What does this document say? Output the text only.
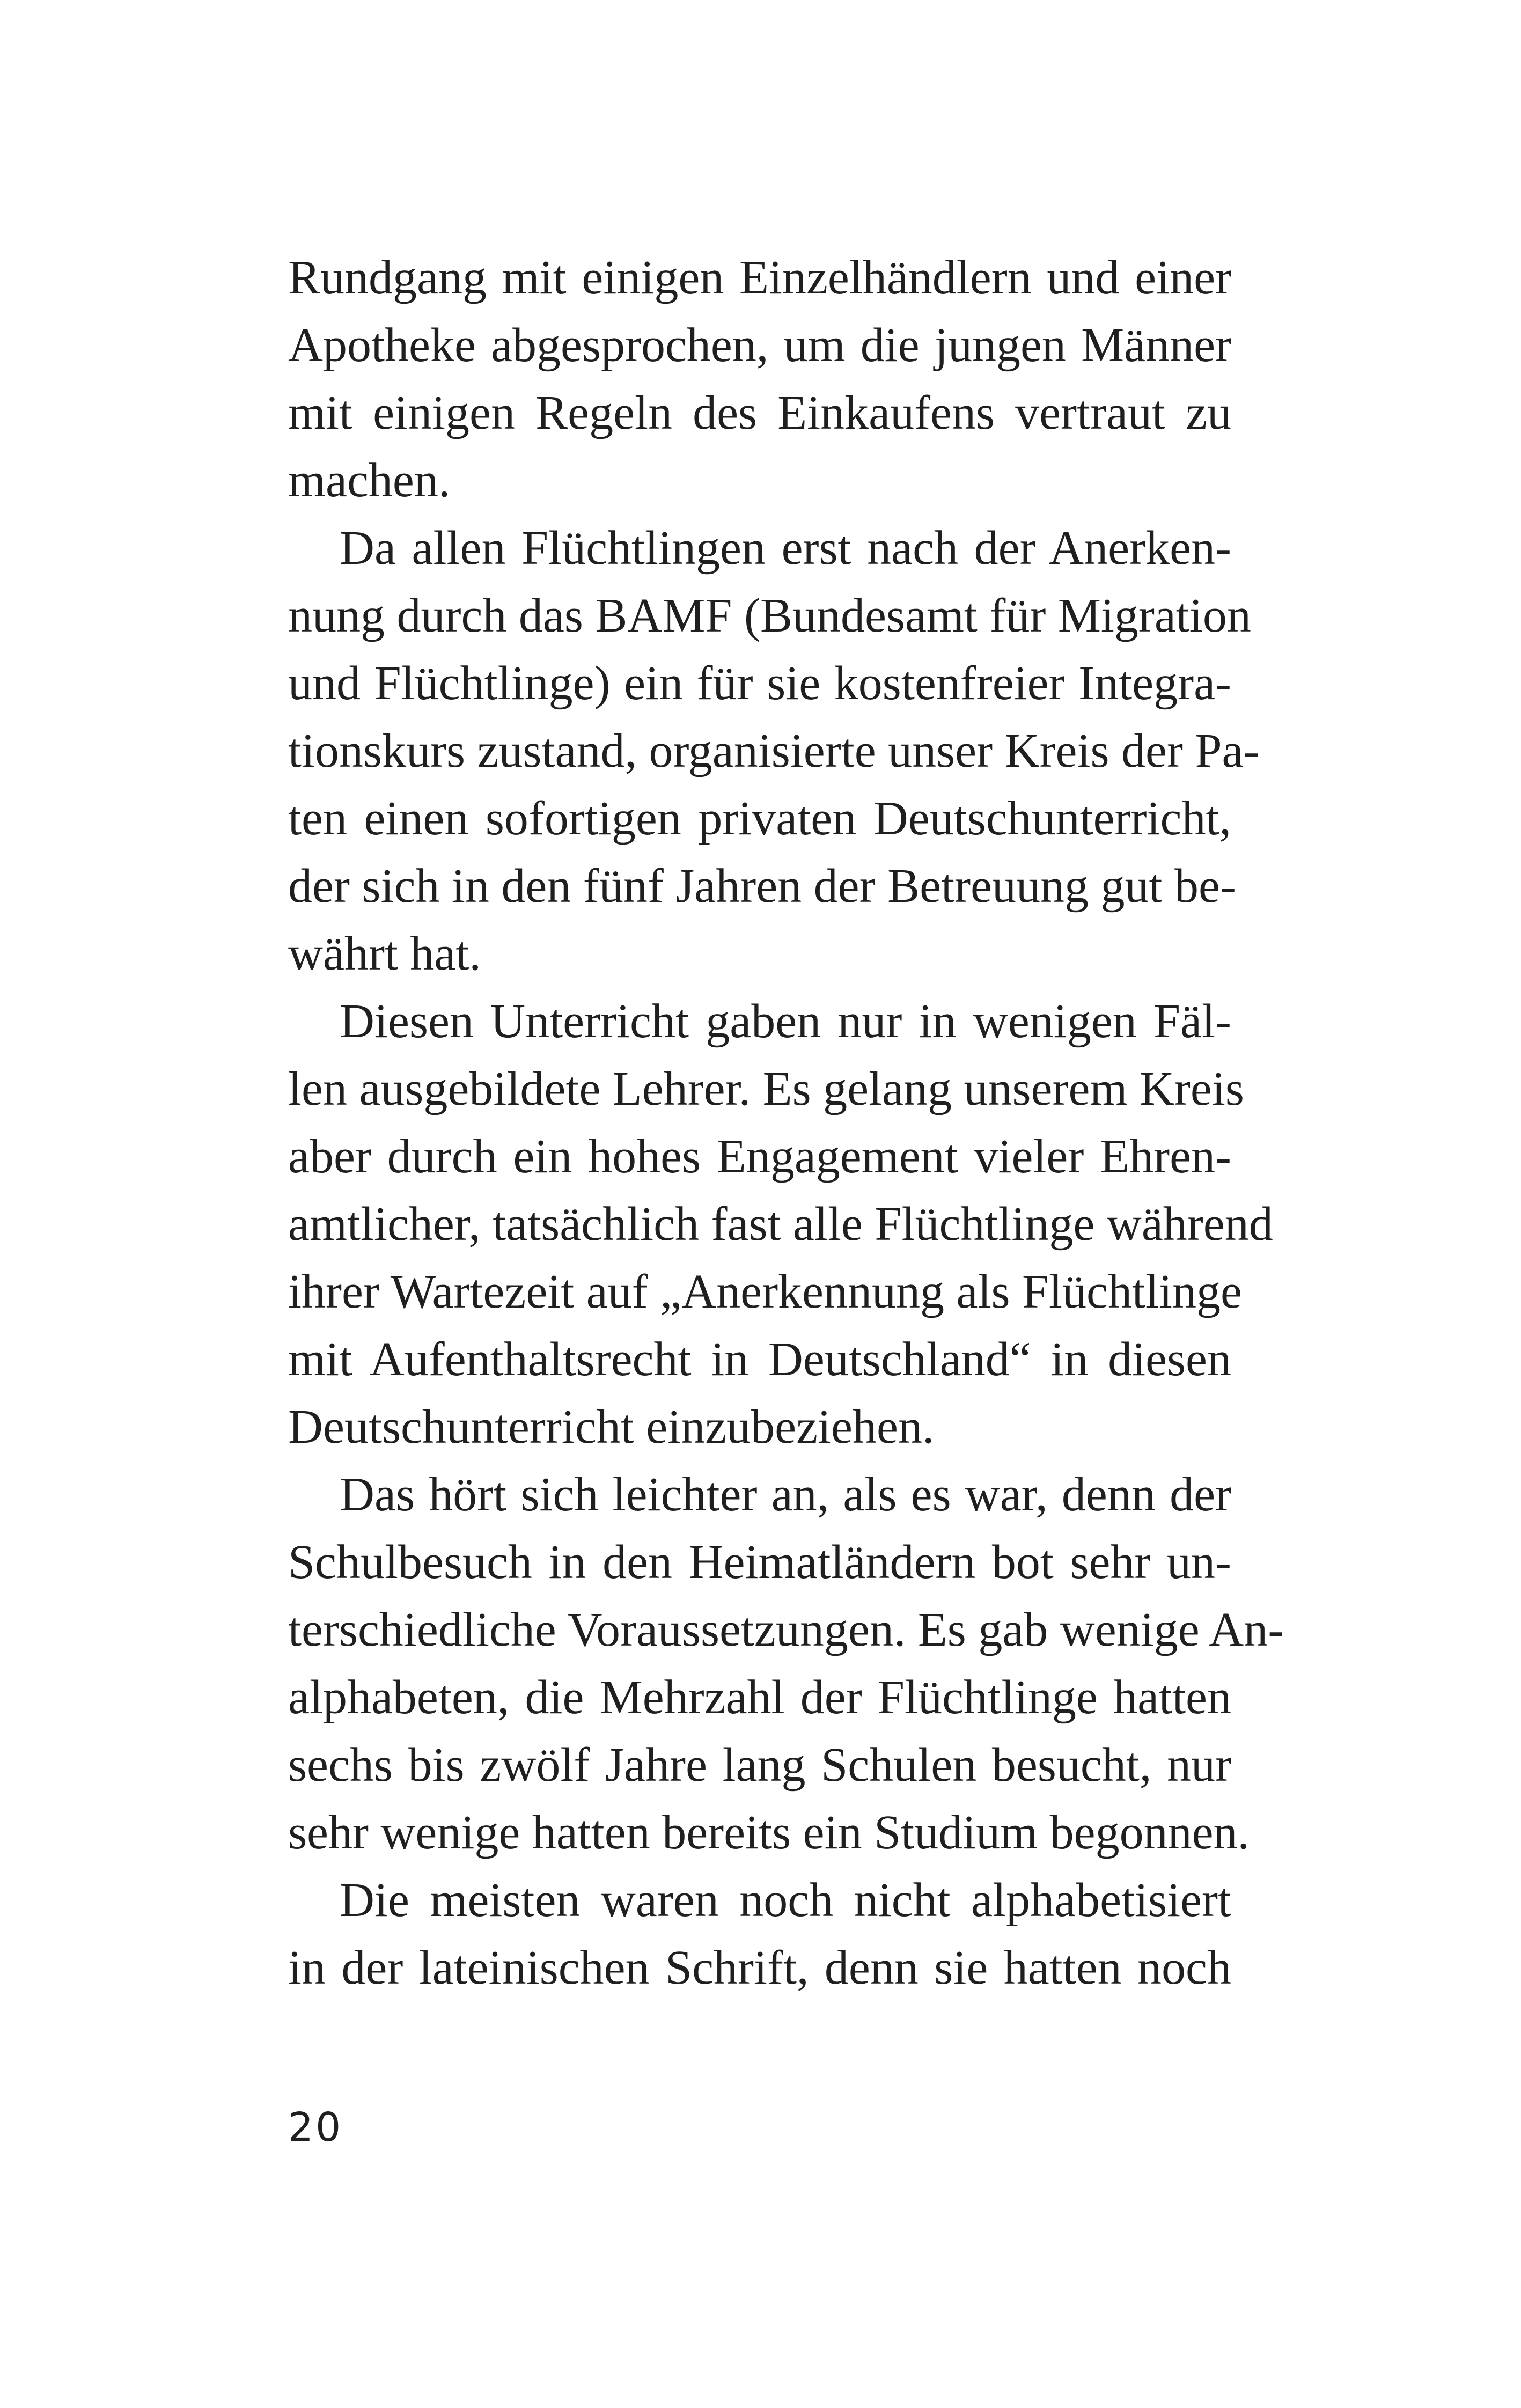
Rundgang mit einigen Einzelhändlern und einer
Apotheke abgesprochen, um die jungen Männer
mit einigen Regeln des Einkaufens vertraut zu
machen.
Da allen Flüchtlingen erst nach der Anerken-
nung durch das BAMF (Bundesamt für Migration
und Flüchtlinge) ein für sie kostenfreier Integra-
tionskurs zustand, organisierte unser Kreis der Pa-
ten einen sofortigen privaten Deutschunterricht,
der sich in den fünf Jahren der Betreuung gut be-
währt hat.
Diesen Unterricht gaben nur in wenigen Fäl-
len ausgebildete Lehrer. Es gelang unserem Kreis
aber durch ein hohes Engagement vieler Ehren-
amtlicher, tatsächlich fast alle Flüchtlinge während
ihrer Wartezeit auf „Anerkennung als Flüchtlinge
mit Aufenthaltsrecht in Deutschland“ in diesen
Deutschunterricht einzubeziehen.
Das hört sich leichter an, als es war, denn der
Schulbesuch in den Heimatländern bot sehr un-
terschiedliche Voraussetzungen. Es gab wenige An-
alphabeten, die Mehrzahl der Flüchtlinge hatten
sechs bis zwölf Jahre lang Schulen besucht, nur
sehr wenige hatten bereits ein Studium begonnen.
Die meisten waren noch nicht alphabetisiert
in der lateinischen Schrift, denn sie hatten noch
20
